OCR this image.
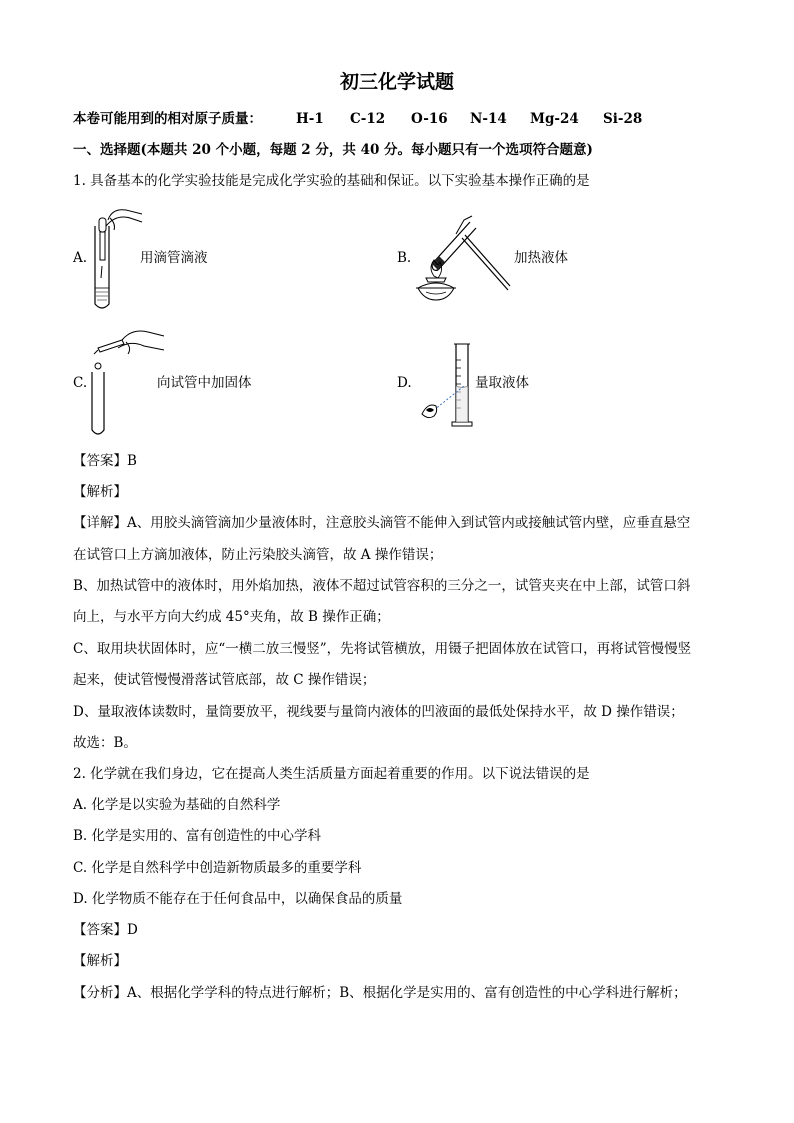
初三化学试题
本卷可能用到的相对原子质量：	H-1 C-12 O-16 N-14 Mg-24 Si-28
一、选择题(本题共 20 个小题，每题 2 分，共 40 分。每小题只有一个选项符合题意)
1. 具备基本的化学实验技能是完成化学实验的基础和保证。以下实验基本操作正确的是
A.	用滴管滴液	B.	加热液体
C.	向试管中加固体	D.	量取液体
【答案】B
【解析】
【详解】A、用胶头滴管滴加少量液体时，注意胶头滴管不能伸入到试管内或接触试管内壁，应垂直悬空
在试管口上方滴加液体，防止污染胶头滴管，故 A 操作错误；
B、加热试管中的液体时，用外焰加热，液体不超过试管容积的三分之一，试管夹夹在中上部，试管口斜
向上，与水平方向大约成 45°夹角，故 B 操作正确；
C、取用块状固体时，应“一横二放三慢竖”，先将试管横放，用镊子把固体放在试管口，再将试管慢慢竖
起来，使试管慢慢滑落试管底部，故 C 操作错误；
D、量取液体读数时，量筒要放平，视线要与量筒内液体的凹液面的最低处保持水平，故 D 操作错误；
故选：B。
2. 化学就在我们身边，它在提高人类生活质量方面起着重要的作用。以下说法错误的是
A. 化学是以实验为基础的自然科学
B. 化学是实用的、富有创造性的中心学科
C. 化学是自然科学中创造新物质最多的重要学科
D. 化学物质不能存在于任何食品中，以确保食品的质量
【答案】D
【解析】
【分析】A、根据化学学科的特点进行解析；B、根据化学是实用的、富有创造性的中心学科进行解析；
